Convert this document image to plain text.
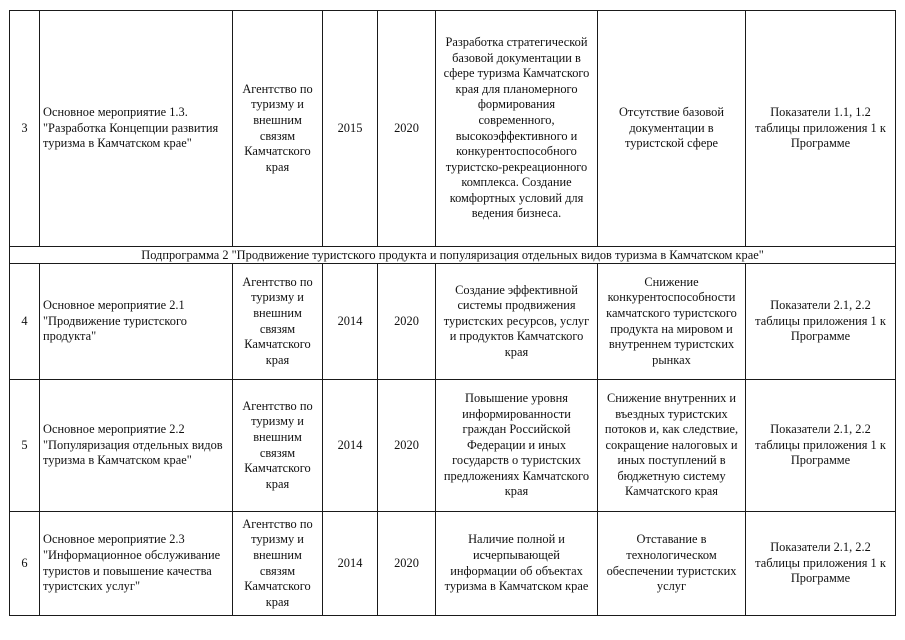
3	Основное мероприятие 1.3. "Разработка Концепции развития туризма в Камчатском крае"	Агентство по туризму и внешним связям Камчатского края	2015	2020	Разработка стратегической базовой документации в сфере туризма Камчатского края для планомерного формирования современного, высокоэффективного и конкурентоспособного туристско-рекреационного комплекса. Создание комфортных условий для ведения бизнеса.	Отсутствие базовой документации в туристской сфере	Показатели 1.1, 1.2 таблицы приложения 1 к Программе
Подпрограмма 2 "Продвижение туристского продукта и популяризация отдельных видов туризма в Камчатском крае"							
4	Основное мероприятие 2.1 "Продвижение туристского продукта"	Агентство по туризму и внешним связям Камчатского края	2014	2020	Создание эффективной системы продвижения туристских ресурсов, услуг и продуктов Камчатского края	Снижение конкурентоспособности камчатского туристского продукта на мировом и внутреннем туристских рынках	Показатели 2.1, 2.2 таблицы приложения 1 к Программе
5	Основное мероприятие 2.2 "Популяризация отдельных видов туризма в Камчатском крае"	Агентство по туризму и внешним связям Камчатского края	2014	2020	Повышение уровня информированности граждан Российской Федерации и иных государств о туристских предложениях Камчатского края	Снижение внутренних и въездных туристских потоков и, как следствие, сокращение налоговых и иных поступлений в бюджетную систему Камчатского края	Показатели 2.1, 2.2 таблицы приложения 1 к Программе
6	Основное мероприятие 2.3 "Информационное обслуживание туристов и повышение качества туристских услуг"	Агентство по туризму и внешним связям Камчатского края	2014	2020	Наличие полной и исчерпывающей информации об объектах туризма в Камчатском крае	Отставание в технологическом обеспечении туристских услуг	Показатели 2.1, 2.2 таблицы приложения 1 к Программе
